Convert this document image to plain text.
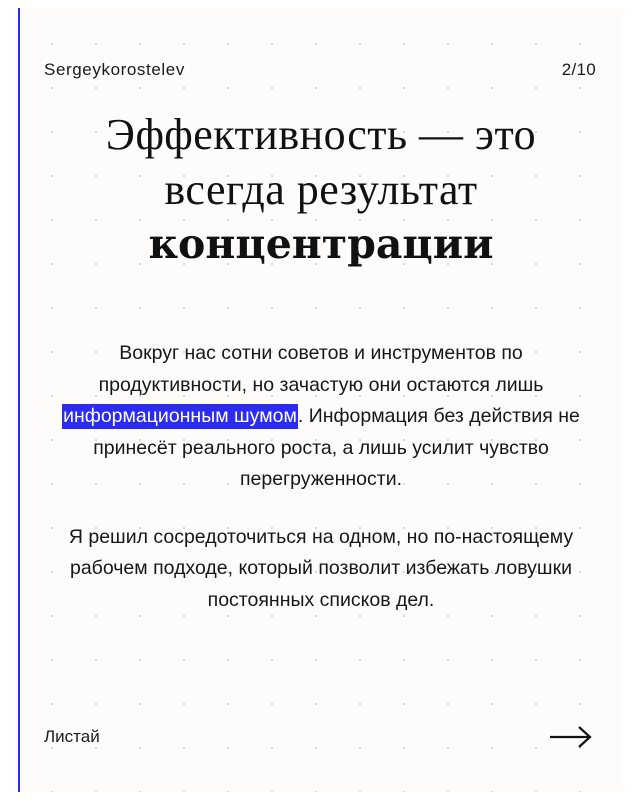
Sergeykorostelev	2/10
Эффективность — это
всегда результат
концентрации

Вокруг нас сотни советов и инструментов по продуктивности, но зачастую они остаются лишь информационным шумом. Информация без действия не принесёт реального роста, а лишь усилит чувство перегруженности.

Я решил сосредоточиться на одном, но по-настоящему рабочем подходе, который позволит избежать ловушки постоянных списков дел.

Листай
